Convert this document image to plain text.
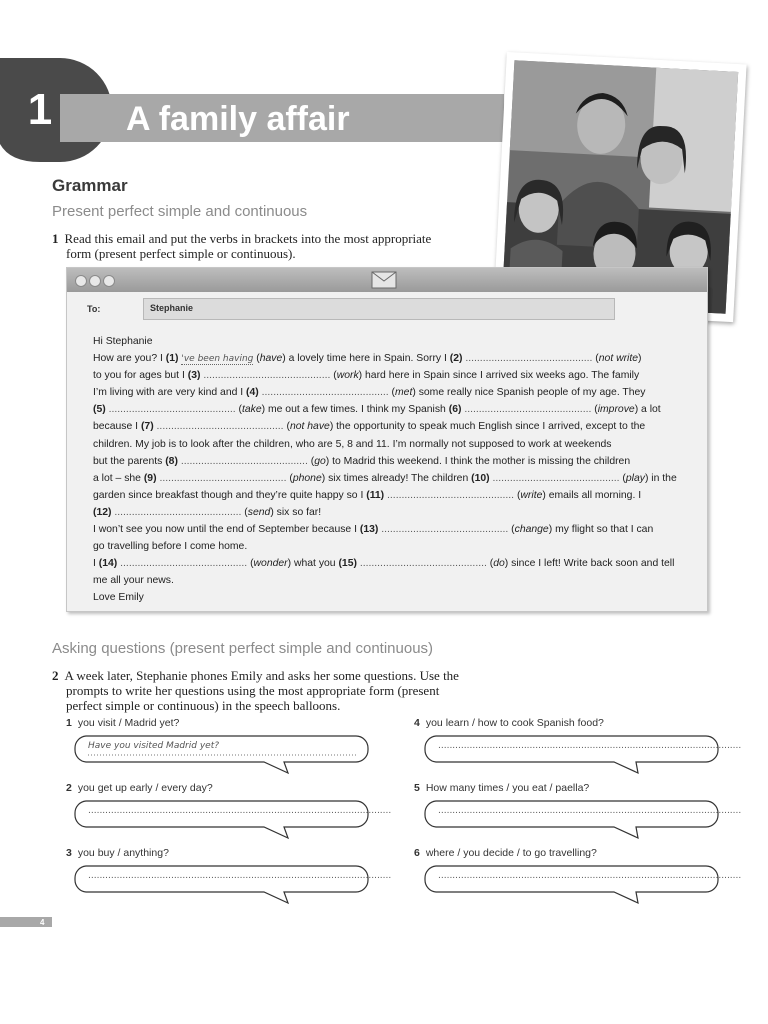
1 A family affair
Grammar
Present perfect simple and continuous
1 Read this email and put the verbs in brackets into the most appropriate
form (present perfect simple or continuous).
To:	Stephanie
Hi Stephanie
How are you? I (1) 've been having (have) a lovely time here in Spain. Sorry I (2) ............................................ (not write)
to you for ages but I (3) ............................................ (work) hard here in Spain since I arrived six weeks ago. The family
I’m living with are very kind and I (4) ............................................ (met) some really nice Spanish people of my age. They
(5) ............................................ (take) me out a few times. I think my Spanish (6) ............................................ (improve) a lot
because I (7) ............................................ (not have) the opportunity to speak much English since I arrived, except to the
children. My job is to look after the children, who are 5, 8 and 11. I’m normally not supposed to work at weekends
but the parents (8) ............................................ (go) to Madrid this weekend. I think the mother is missing the children
a lot – she (9) ............................................ (phone) six times already! The children (10) ............................................ (play) in the
garden since breakfast though and they’re quite happy so I (11) ............................................ (write) emails all morning. I
(12) ............................................ (send) six so far!
I won’t see you now until the end of September because I (13) ............................................ (change) my flight so that I can
go travelling before I come home.
I (14) ............................................ (wonder) what you (15) ............................................ (do) since I left! Write back soon and tell
me all your news.
Love Emily
Asking questions (present perfect simple and continuous)
2 A week later, Stephanie phones Emily and asks her some questions. Use the
prompts to write her questions using the most appropriate form (present
perfect simple or continuous) in the speech balloons.
1 you visit / Madrid yet?
Have you visited Madrid yet?
2 you get up early / every day?
..........................................................................................................
3 you buy / anything?
..........................................................................................................
4 you learn / how to cook Spanish food?
..........................................................................................................
5 How many times / you eat / paella?
..........................................................................................................
6 where / you decide / to go travelling?
..........................................................................................................
4
